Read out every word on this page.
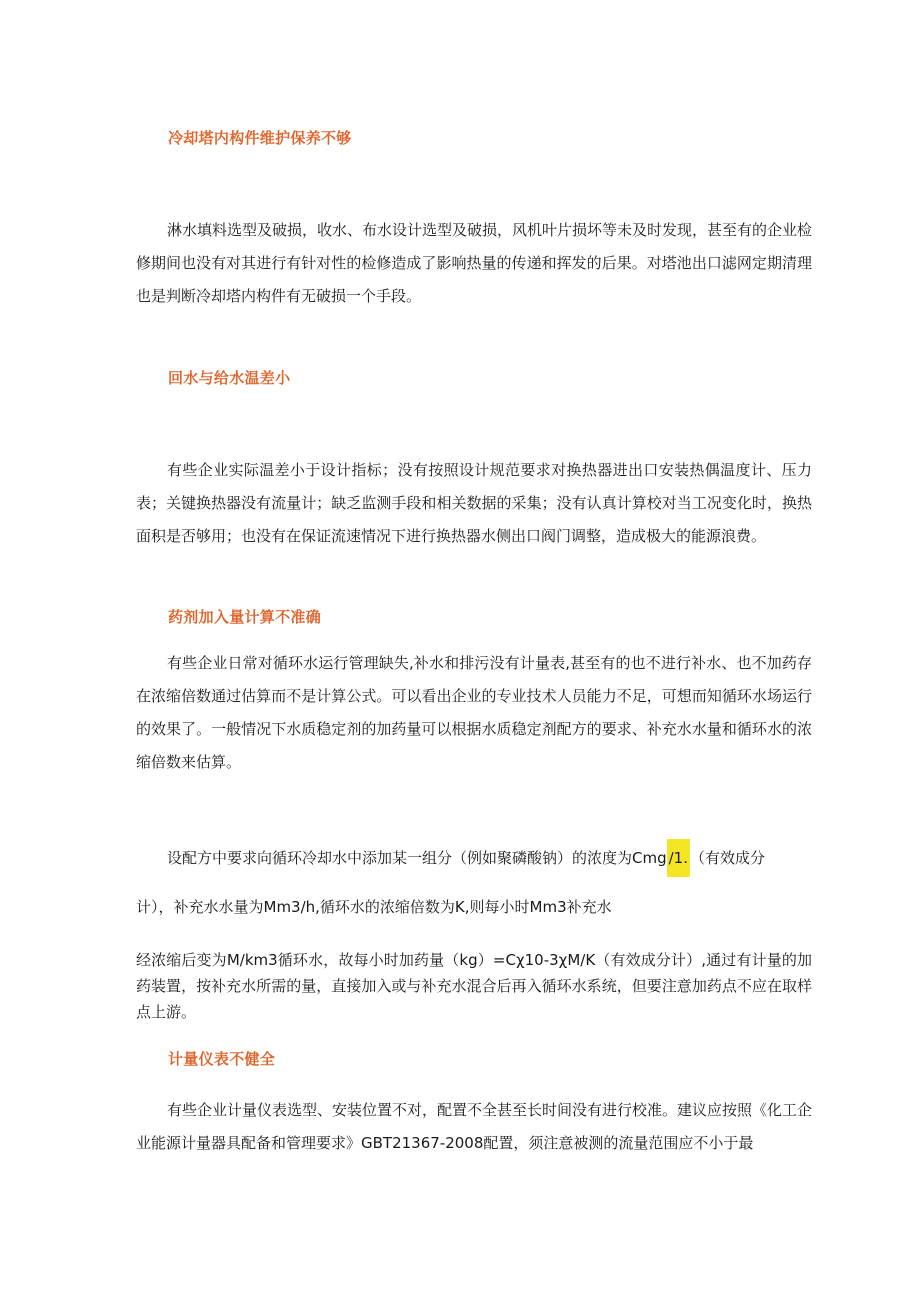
冷却塔内构件维护保养不够

淋水填料选型及破损，收水、布水设计选型及破损，风机叶片损坏等未及时发现，甚至有的企业检修期间也没有对其进行有针对性的检修造成了影响热量的传递和挥发的后果。对塔池出口滤网定期清理也是判断冷却塔内构件有无破损一个手段。

回水与给水温差小

有些企业实际温差小于设计指标；没有按照设计规范要求对换热器进出口安装热偶温度计、压力表；关键换热器没有流量计；缺乏监测手段和相关数据的采集；没有认真计算校对当工况变化时，换热面积是否够用；也没有在保证流速情况下进行换热器水侧出口阀门调整，造成极大的能源浪费。

药剂加入量计算不准确

有些企业日常对循环水运行管理缺失,补水和排污没有计量表,甚至有的也不进行补水、也不加药存在浓缩倍数通过估算而不是计算公式。可以看出企业的专业技术人员能力不足，可想而知循环水场运行的效果了。一般情况下水质稳定剂的加药量可以根据水质稳定剂配方的要求、补充水水量和循环水的浓缩倍数来估算。

设配方中要求向循环冷却水中添加某一组分（例如聚磷酸钠）的浓度为Cmg ∕1. （有效成分
计），补充水水量为Mm3∕h,循环水的浓缩倍数为K,则每小时Mm3补充水

经浓缩后变为M∕km3循环水，故每小时加药量（kg）=Cχ10-3χM∕K（有效成分计）,通过有计量的加药装置，按补充水所需的量，直接加入或与补充水混合后再入循环水系统，但要注意加药点不应在取样点上游。

计量仪表不健全

有些企业计量仪表选型、安装位置不对，配置不全甚至长时间没有进行校准。建议应按照《化工企业能源计量器具配备和管理要求》GBT21367-2008配置，须注意被测的流量范围应不小于最
